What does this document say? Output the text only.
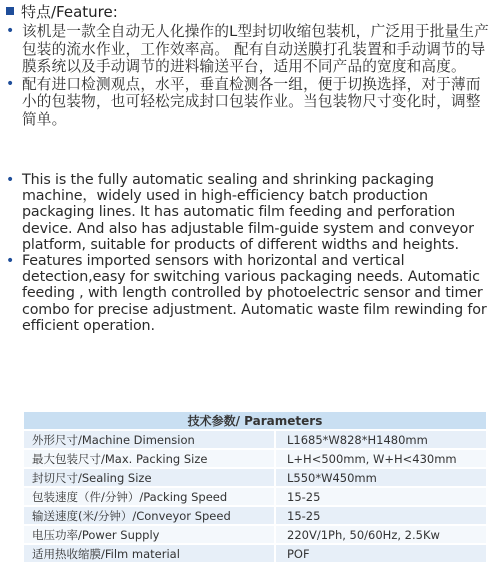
特点/Feature:
• 该机是一款全自动无人化操作的L型封切收缩包装机，广泛用于批量生产包装的流水作业，工作效率高。 配有自动送膜打孔装置和手动调节的导膜系统以及手动调节的进料输送平台，适用不同产品的宽度和高度。
• 配有进口检测观点，水平，垂直检测各一组，便于切换选择，对于薄而小的包装物，也可轻松完成封口包装作业。当包装物尺寸变化时，调整简单。
• This is the fully automatic sealing and shrinking packaging machine，widely used in high-efficiency batch production packaging lines. It has automatic film feeding and perforation device. And also has adjustable film-guide system and conveyor platform, suitable for products of different widths and heights.
• Features imported sensors with horizontal and vertical detection,easy for switching various packaging needs. Automatic feeding , with length controlled by photoelectric sensor and timer combo for precise adjustment. Automatic waste film rewinding for efficient operation.
技术参数/ Parameters	
外形尺寸/Machine Dimension	L1685*W828*H1480mm
最大包装尺寸/Max. Packing Size	L+H<500mm, W+H<430mm
封切尺寸/Sealing Size	L550*W450mm
包装速度（件/分钟）/Packing Speed	15-25
输送速度(米/分钟）/Conveyor Speed	15-25
电压功率/Power Supply	220V/1Ph, 50/60Hz, 2.5Kw
适用热收缩膜/Film material	POF
